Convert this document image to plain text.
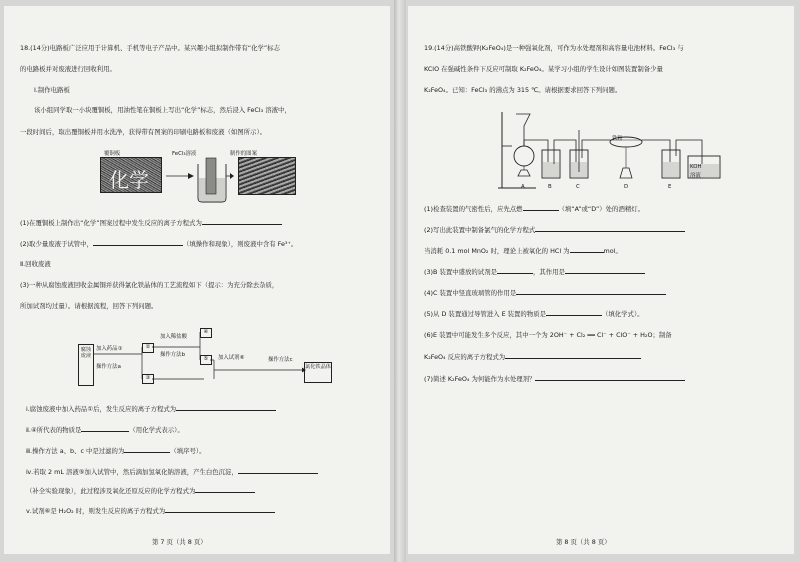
18.(14分)电路板广泛应用于计算机、手机等电子产品中。某兴趣小组拟制作带有“化学”标志
的电路板并对废液进行回收利用。
Ⅰ.制作电路板
该小组同学取一小块覆铜板，用油性笔在铜板上写出“化学”标志，然后浸入 FeCl₃ 溶液中，
一段时间后，取出覆铜板并用水洗净，获得带有图案的印刷电路板和废液（如图所示）。
覆铜板	FeCl₃溶液	制作的图案
化学
(1)在覆铜板上制作出“化学”图案过程中发生反应的离子方程式为
(2)取少量废液于试管中，	（填操作和现象），则废液中含有 Fe³⁺。
Ⅱ.回收废液
(3)一种从腐蚀废液回收金属铜并获得氯化铁晶体的工艺流程如下（提示：为充分除去杂质，
所加试剂均过量）。请根据流程，回答下列问题。
腐蚀废液
加入药品①
操作方法a
②
③
加入稀盐酸
操作方法b
④
⑤	加入试剂⑥	操作方法c
氯化铁晶体
ⅰ.腐蚀废液中加入药品①后，发生反应的离子方程式为
ⅱ.④所代表的物质是	（用化学式表示）。
ⅲ.操作方法 a、b、c 中是过滤的为	（填序号）。
ⅳ.若取 2 mL 溶液⑤加入试管中，然后滴加氢氧化钠溶液，产生白色沉淀，
（补全实验现象），此过程涉及氧化还原反应的化学方程式为
ⅴ.试剂⑥是 H₂O₂ 时，则发生反应的离子方程式为
第 7 页（共 8 页）
19.(14分)高铁酸钾(K₂FeO₄)是一种强氧化剂，可作为水处理剂和高容量电池材料。FeCl₃ 与
KClO 在强碱性条件下反应可制取 K₂FeO₄。某学习小组的学生设计如图装置制备少量
K₂FeO₄。已知：FeCl₃ 的沸点为 315 ℃。请根据要求回答下列问题。
铁粉
KOH
溶液
A	B	C	D	E
(1)检查装置的气密性后，应先点燃	（填“A”或“D”）处的酒精灯。
(2)写出此装置中制备氯气的化学方程式
当消耗 0.1 mol MnO₂ 时，理论上被氧化的 HCl 为	mol。
(3)B 装置中盛放的试剂是	，其作用是
(4)C 装置中竖直玻璃管的作用是
(5)从 D 装置通过导管进入 E 装置的物质是	（填化学式）。
(6)E 装置中可能发生多个反应，其中一个为 2OH⁻ + Cl₂ ══ Cl⁻ + ClO⁻ + H₂O；制备
K₂FeO₄ 反应的离子方程式为
(7)简述 K₂FeO₄ 为何能作为水处理剂？
第 8 页（共 8 页）
